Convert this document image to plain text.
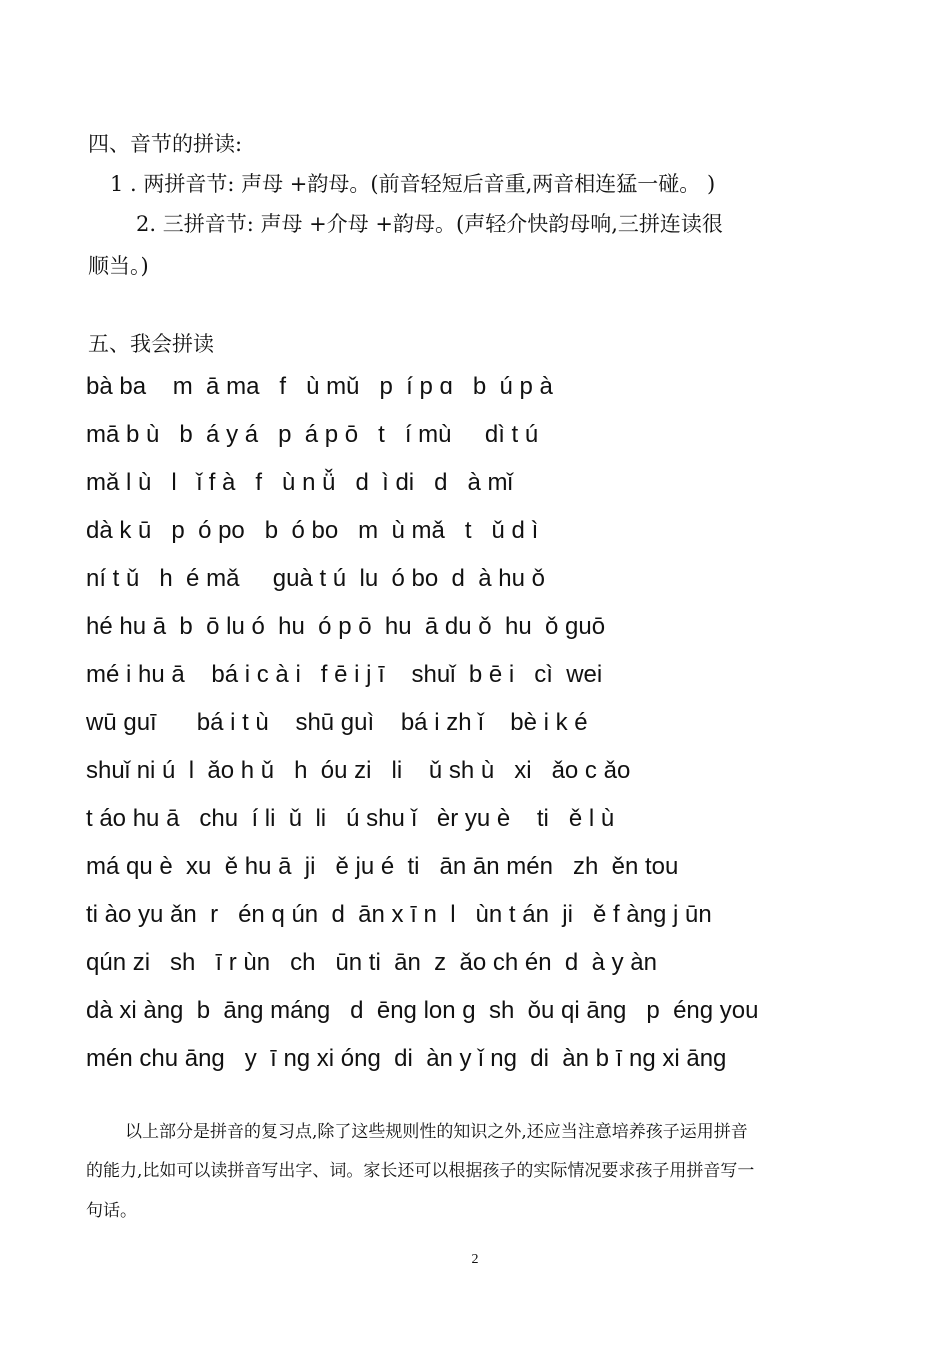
四、音节的拼读:
1 . 两拼音节: 声母 +韵母。(前音轻短后音重,两音相连猛一碰。 )
2. 三拼音节: 声母 +介母 +韵母。(声轻介快韵母响,三拼连读很
顺当。)
五、我会拼读
bà ba    m  ā ma   f   ù mǔ   p  í p ɑ   b  ú p à
mā b ù   b  á y á   p  á p ō   t   í mù     dì t ú
mǎ l ù   l   ǐ f à   f   ù n ǚ   d  ì di   d   à mǐ
dà k ū   p  ó po   b  ó bo   m  ù mǎ   t   ǔ d ì
ní t ǔ   h  é mǎ     guà t ú  lu  ó bo  d  à hu ǒ
hé hu ā  b  ō lu ó  hu  ó p ō  hu  ā du ǒ  hu  ǒ guō
mé i hu ā    bá i c à i   f ē i j ī    shuǐ  b ē i   cì  wei
wū guī      bá i t ù    shū guì    bá i zh ǐ    bè i k é
shuǐ ni ú  l  ǎo h ǔ   h  óu zi   li    ǔ sh ù   xi   ǎo c ǎo
t áo hu ā   chu  í li  ǔ  li   ú shu ǐ   èr yu è    ti   ě l ù
má qu è  xu  ě hu ā  ji   ě ju é  ti   ān ān mén   zh  ěn tou
ti ào yu ǎn  r   én q ún  d  ān x ī n  l   ùn t án  ji   ě f àng j ūn
qún zi   sh   ī r ùn   ch   ūn ti  ān  z  ǎo ch én  d  à y àn
dà xi àng  b  āng máng   d  ēng lon g  sh  ǒu qi āng   p  éng you
mén chu āng   y  ī ng xi óng  di  àn y ǐ ng  di  àn b ī ng xi āng
以上部分是拼音的复习点,除了这些规则性的知识之外,还应当注意培养孩子运用拼音
的能力,比如可以读拼音写出字、词。家长还可以根据孩子的实际情况要求孩子用拼音写一
句话。
2
